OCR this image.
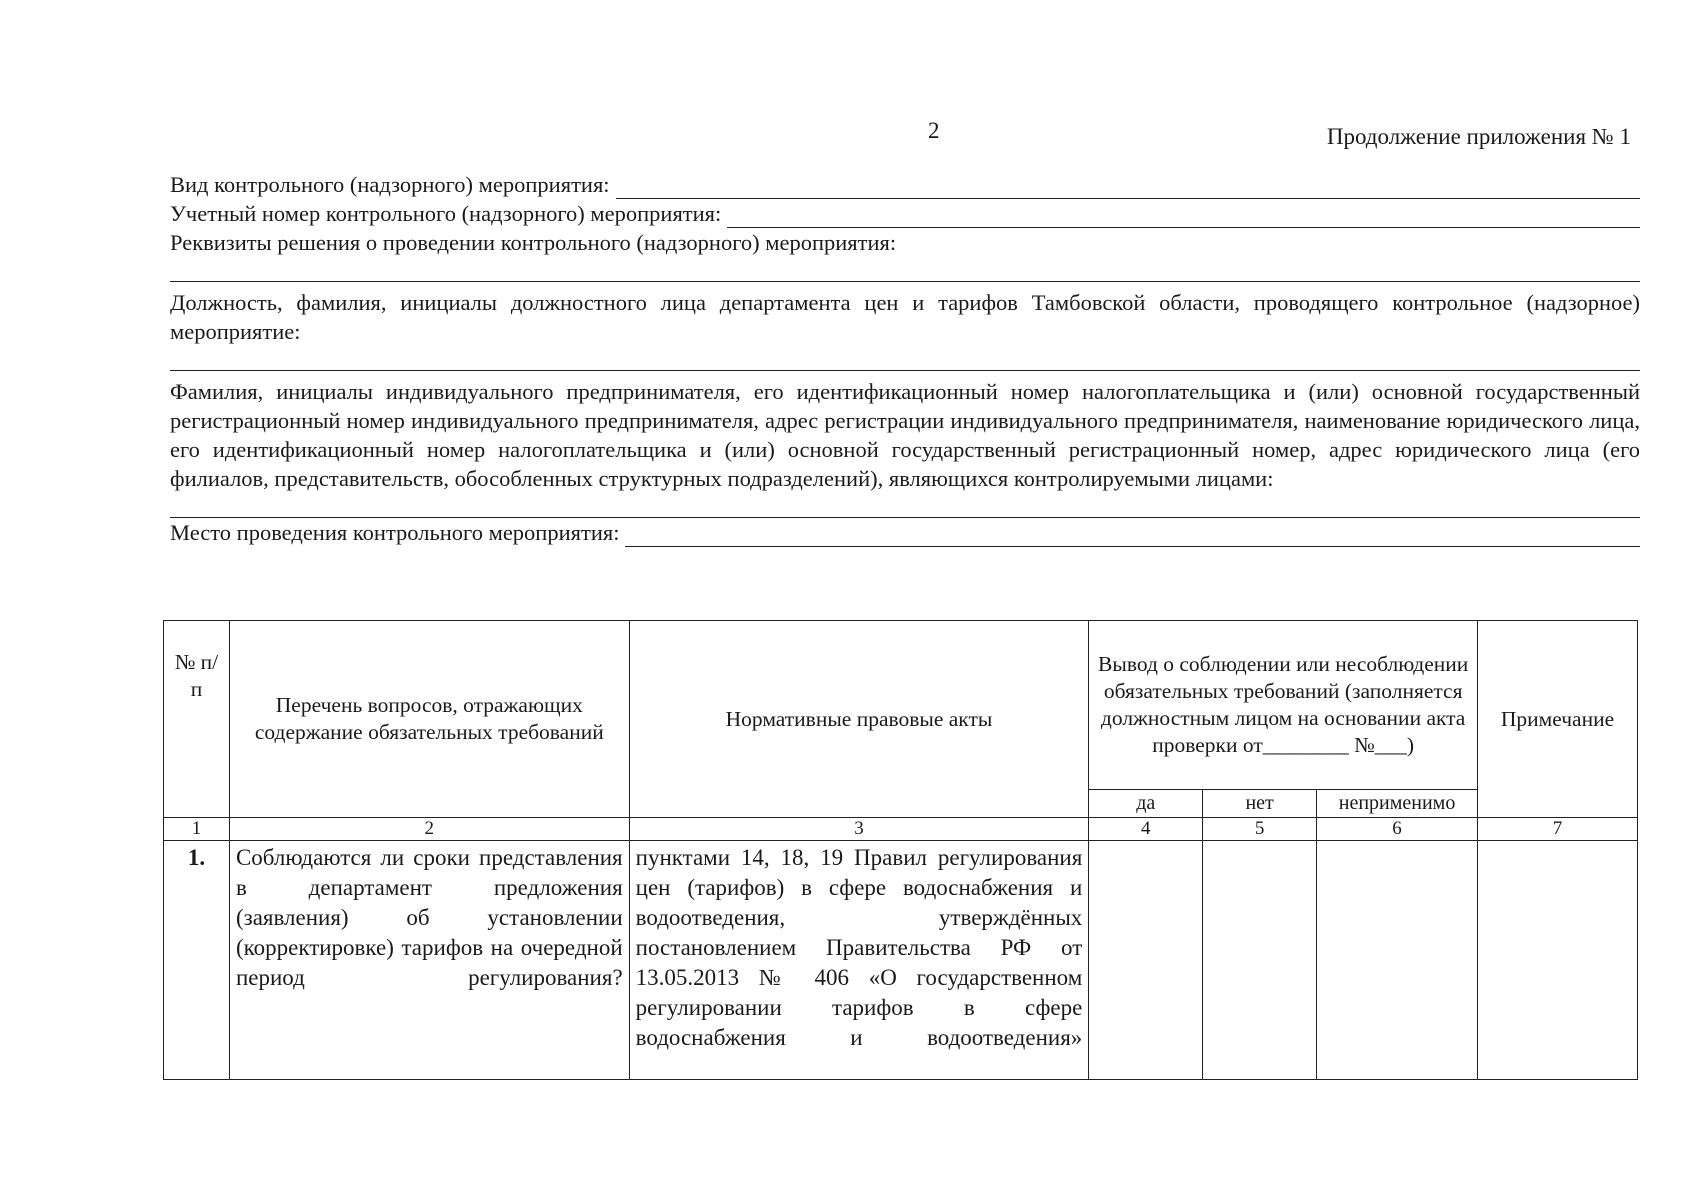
2	Продолжение приложения № 1
Вид контрольного (надзорного) мероприятия:
Учетный номер контрольного (надзорного) мероприятия:
Реквизиты решения о проведении контрольного (надзорного) мероприятия:
Должность, фамилия, инициалы должностного лица департамента цен и тарифов Тамбовской области, проводящего контрольное (надзорное) мероприятие:
Фамилия, инициалы индивидуального предпринимателя, его идентификационный номер налогоплательщика и (или) основной государственный регистрационный номер индивидуального предпринимателя, адрес регистрации индивидуального предпринимателя, наименование юридического лица, его идентификационный номер налогоплательщика и (или) основной государственный регистрационный номер, адрес юридического лица (его филиалов, представительств, обособленных структурных подразделений), являющихся контролируемыми лицами:
Место проведения контрольного мероприятия:
№ п/п	Перечень вопросов, отражающих содержание обязательных требований	Нормативные правовые акты	Вывод о соблюдении или несоблюдении обязательных требований (заполняется должностным лицом на основании акта проверки от________ №___)			Примечание
			да	нет	неприменимо	
1	2	3	4	5	6	7
1.	Соблюдаются ли сроки представления в департамент предложения (заявления) об установлении (корректировке) тарифов на очередной период регулирования?	пунктами 14, 18, 19 Правил регулирования цен (тарифов) в сфере водоснабжения и водоотведения, утверждённых постановлением Правительства РФ от 13.05.2013 № 406 «О государственном регулировании тарифов в сфере водоснабжения и водоотведения»				
